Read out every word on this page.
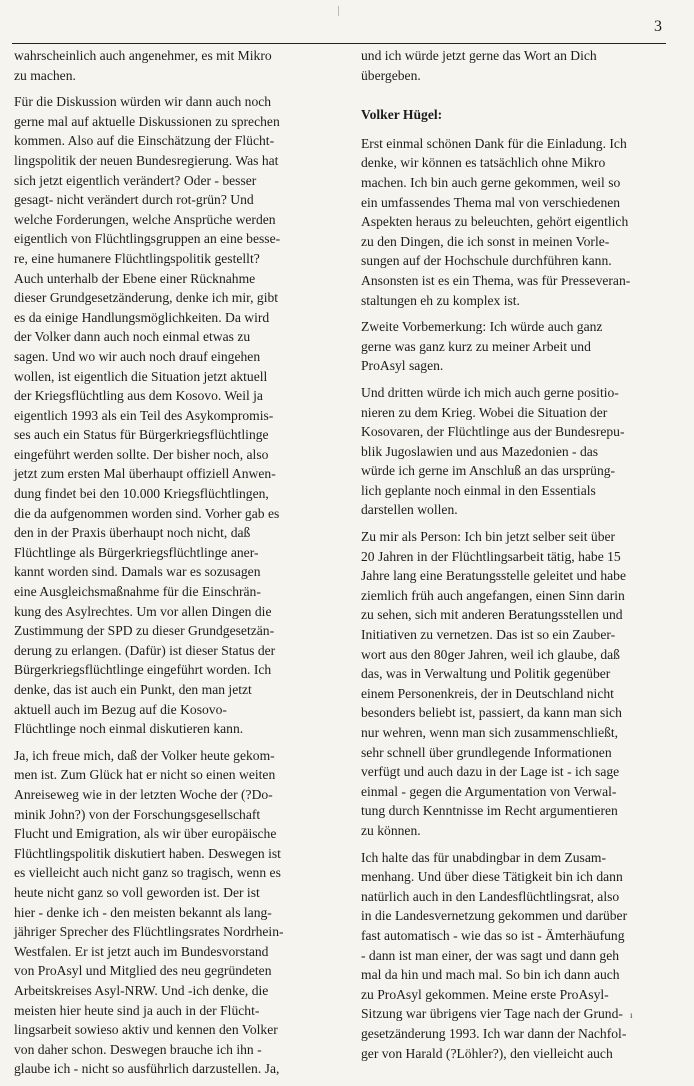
3

wahrscheinlich auch angenehmer, es mit Mikro
zu machen.

Für die Diskussion würden wir dann auch noch
gerne mal auf aktuelle Diskussionen zu sprechen
kommen. Also auf die Einschätzung der Flücht-
lingspolitik der neuen Bundesregierung. Was hat
sich jetzt eigentlich verändert? Oder - besser
gesagt- nicht verändert durch rot-grün? Und
welche Forderungen, welche Ansprüche werden
eigentlich von Flüchtlingsgruppen an eine besse-
re, eine humanere Flüchtlingspolitik gestellt?
Auch unterhalb der Ebene einer Rücknahme
dieser Grundgesetzänderung, denke ich mir, gibt
es da einige Handlungsmöglichkeiten. Da wird
der Volker dann auch noch einmal etwas zu
sagen. Und wo wir auch noch drauf eingehen
wollen, ist eigentlich die Situation jetzt aktuell
der Kriegsflüchtling aus dem Kosovo. Weil ja
eigentlich 1993 als ein Teil des Asykompromis-
ses auch ein Status für Bürgerkriegsflüchtlinge
eingeführt werden sollte. Der bisher noch, also
jetzt zum ersten Mal überhaupt offiziell Anwen-
dung findet bei den 10.000 Kriegsflüchtlingen,
die da aufgenommen worden sind. Vorher gab es
den in der Praxis überhaupt noch nicht, daß
Flüchtlinge als Bürgerkriegsflüchtlinge aner-
kannt worden sind. Damals war es sozusagen
eine Ausgleichsmaßnahme für die Einschrän-
kung des Asylrechtes. Um vor allen Dingen die
Zustimmung der SPD zu dieser Grundgesetzän-
derung zu erlangen. (Dafür) ist dieser Status der
Bürgerkriegsflüchtlinge eingeführt worden. Ich
denke, das ist auch ein Punkt, den man jetzt
aktuell auch im Bezug auf die Kosovo-
Flüchtlinge noch einmal diskutieren kann.

Ja, ich freue mich, daß der Volker heute gekom-
men ist. Zum Glück hat er nicht so einen weiten
Anreiseweg wie in der letzten Woche der (?Do-
minik John?) von der Forschungsgesellschaft
Flucht und Emigration, als wir über europäische
Flüchtlingspolitik diskutiert haben. Deswegen ist
es vielleicht auch nicht ganz so tragisch, wenn es
heute nicht ganz so voll geworden ist. Der ist
hier - denke ich - den meisten bekannt als lang-
jähriger Sprecher des Flüchtlingsrates Nordrhein-
Westfalen. Er ist jetzt auch im Bundesvorstand
von ProAsyl und Mitglied des neu gegründeten
Arbeitskreises Asyl-NRW. Und -ich denke, die
meisten hier heute sind ja auch in der Flücht-
lingsarbeit sowieso aktiv und kennen den Volker
von daher schon. Deswegen brauche ich ihn -
glaube ich - nicht so ausführlich darzustellen. Ja,

und ich würde jetzt gerne das Wort an Dich
übergeben.

Volker Hügel:

Erst einmal schönen Dank für die Einladung. Ich
denke, wir können es tatsächlich ohne Mikro
machen. Ich bin auch gerne gekommen, weil so
ein umfassendes Thema mal von verschiedenen
Aspekten heraus zu beleuchten, gehört eigentlich
zu den Dingen, die ich sonst in meinen Vorle-
sungen auf der Hochschule durchführen kann.
Ansonsten ist es ein Thema, was für Presseveran-
staltungen eh zu komplex ist.

Zweite Vorbemerkung: Ich würde auch ganz
gerne was ganz kurz zu meiner Arbeit und
ProAsyl sagen.

Und dritten würde ich mich auch gerne positio-
nieren zu dem Krieg. Wobei die Situation der
Kosovaren, der Flüchtlinge aus der Bundesrepu-
blik Jugoslawien und aus Mazedonien - das
würde ich gerne im Anschluß an das ursprüng-
lich geplante noch einmal in den Essentials
darstellen wollen.

Zu mir als Person: Ich bin jetzt selber seit über
20 Jahren in der Flüchtlingsarbeit tätig, habe 15
Jahre lang eine Beratungsstelle geleitet und habe
ziemlich früh auch angefangen, einen Sinn darin
zu sehen, sich mit anderen Beratungsstellen und
Initiativen zu vernetzen. Das ist so ein Zauber-
wort aus den 80ger Jahren, weil ich glaube, daß
das, was in Verwaltung und Politik gegenüber
einem Personenkreis, der in Deutschland nicht
besonders beliebt ist, passiert, da kann man sich
nur wehren, wenn man sich zusammenschließt,
sehr schnell über grundlegende Informationen
verfügt und auch dazu in der Lage ist - ich sage
einmal - gegen die Argumentation von Verwal-
tung durch Kenntnisse im Recht argumentieren
zu können.

Ich halte das für unabdingbar in dem Zusam-
menhang. Und über diese Tätigkeit bin ich dann
natürlich auch in den Landesflüchtlingsrat, also
in die Landesvernetzung gekommen und darüber
fast automatisch - wie das so ist - Ämterhäufung
- dann ist man einer, der was sagt und dann geh
mal da hin und mach mal. So bin ich dann auch
zu ProAsyl gekommen. Meine erste ProAsyl-
Sitzung war übrigens vier Tage nach der Grund-
gesetzänderung 1993. Ich war dann der Nachfol-
ger von Harald (?Löhler?), den vielleicht auch

ı
